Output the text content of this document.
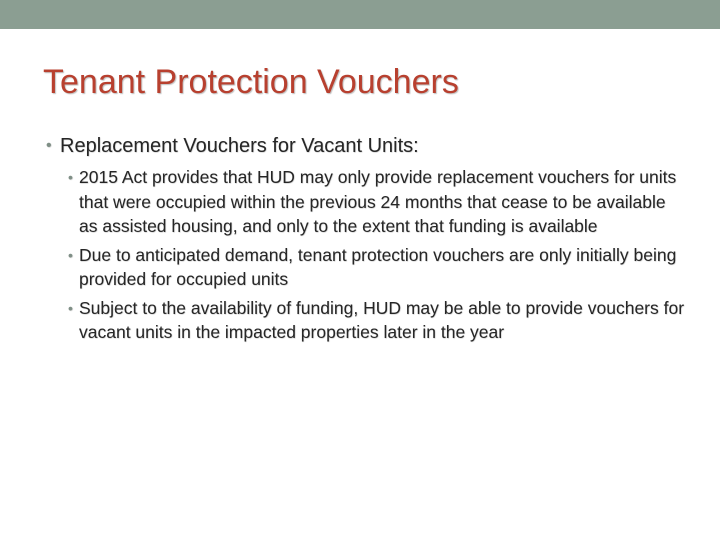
Tenant Protection Vouchers
• Replacement Vouchers for Vacant Units:
• 2015 Act provides that HUD may only provide replacement vouchers for units that were occupied within the previous 24 months that cease to be available as assisted housing, and only to the extent that funding is available
• Due to anticipated demand, tenant protection vouchers are only initially being provided for occupied units
• Subject to the availability of funding, HUD may be able to provide vouchers for vacant units in the impacted properties later in the year
